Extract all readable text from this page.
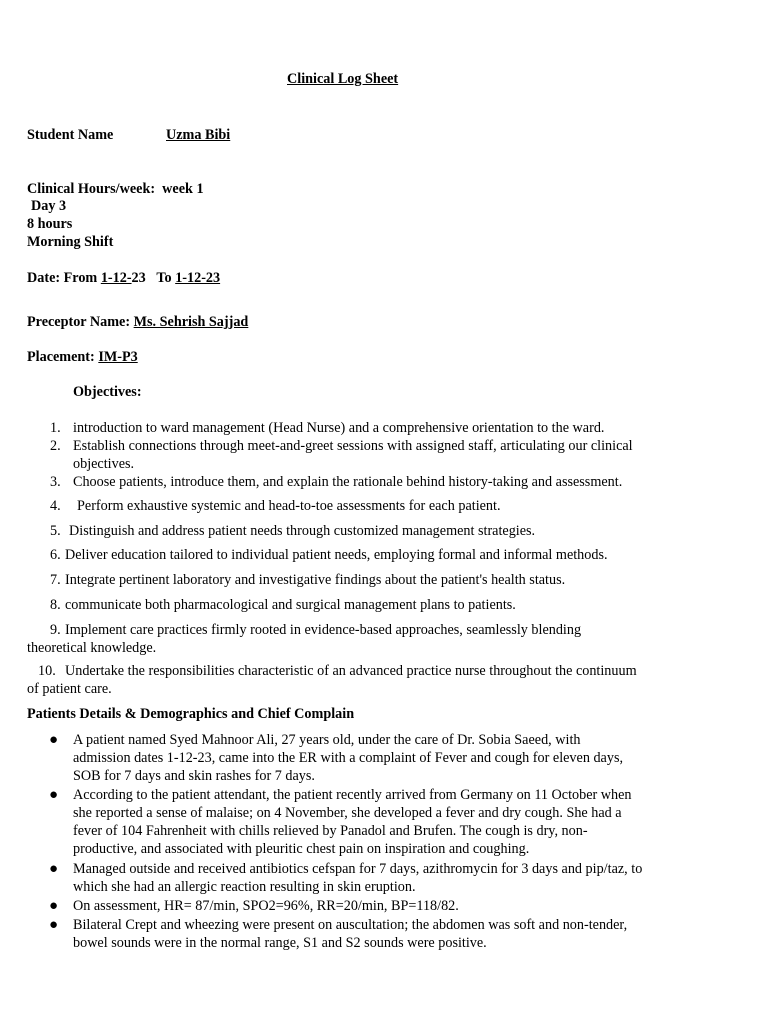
Clinical Log Sheet
Student Name	Uzma Bibi
Clinical Hours/week: week 1
Day 3
8 hours
Morning Shift
Date: From 1-12-23 To 1-12-23
Preceptor Name: Ms. Sehrish Sajjad
Placement: IM-P3
Objectives:
1. introduction to ward management (Head Nurse) and a comprehensive orientation to the ward.
2. Establish connections through meet-and-greet sessions with assigned staff, articulating our clinical
objectives.
3. Choose patients, introduce them, and explain the rationale behind history-taking and assessment.
4. Perform exhaustive systemic and head-to-toe assessments for each patient.
5. Distinguish and address patient needs through customized management strategies.
6. Deliver education tailored to individual patient needs, employing formal and informal methods.
7. Integrate pertinent laboratory and investigative findings about the patient's health status.
8. communicate both pharmacological and surgical management plans to patients.
9. Implement care practices firmly rooted in evidence-based approaches, seamlessly blending
theoretical knowledge.
10. Undertake the responsibilities characteristic of an advanced practice nurse throughout the continuum
of patient care.
Patients Details & Demographics and Chief Complain
● A patient named Syed Mahnoor Ali, 27 years old, under the care of Dr. Sobia Saeed, with
admission dates 1-12-23, came into the ER with a complaint of Fever and cough for eleven days,
SOB for 7 days and skin rashes for 7 days.
● According to the patient attendant, the patient recently arrived from Germany on 11 October when
she reported a sense of malaise; on 4 November, she developed a fever and dry cough. She had a
fever of 104 Fahrenheit with chills relieved by Panadol and Brufen. The cough is dry, non-
productive, and associated with pleuritic chest pain on inspiration and coughing.
● Managed outside and received antibiotics cefspan for 7 days, azithromycin for 3 days and pip/taz, to
which she had an allergic reaction resulting in skin eruption.
● On assessment, HR= 87/min, SPO2=96%, RR=20/min, BP=118/82.
● Bilateral Crept and wheezing were present on auscultation; the abdomen was soft and non-tender,
bowel sounds were in the normal range, S1 and S2 sounds were positive.
